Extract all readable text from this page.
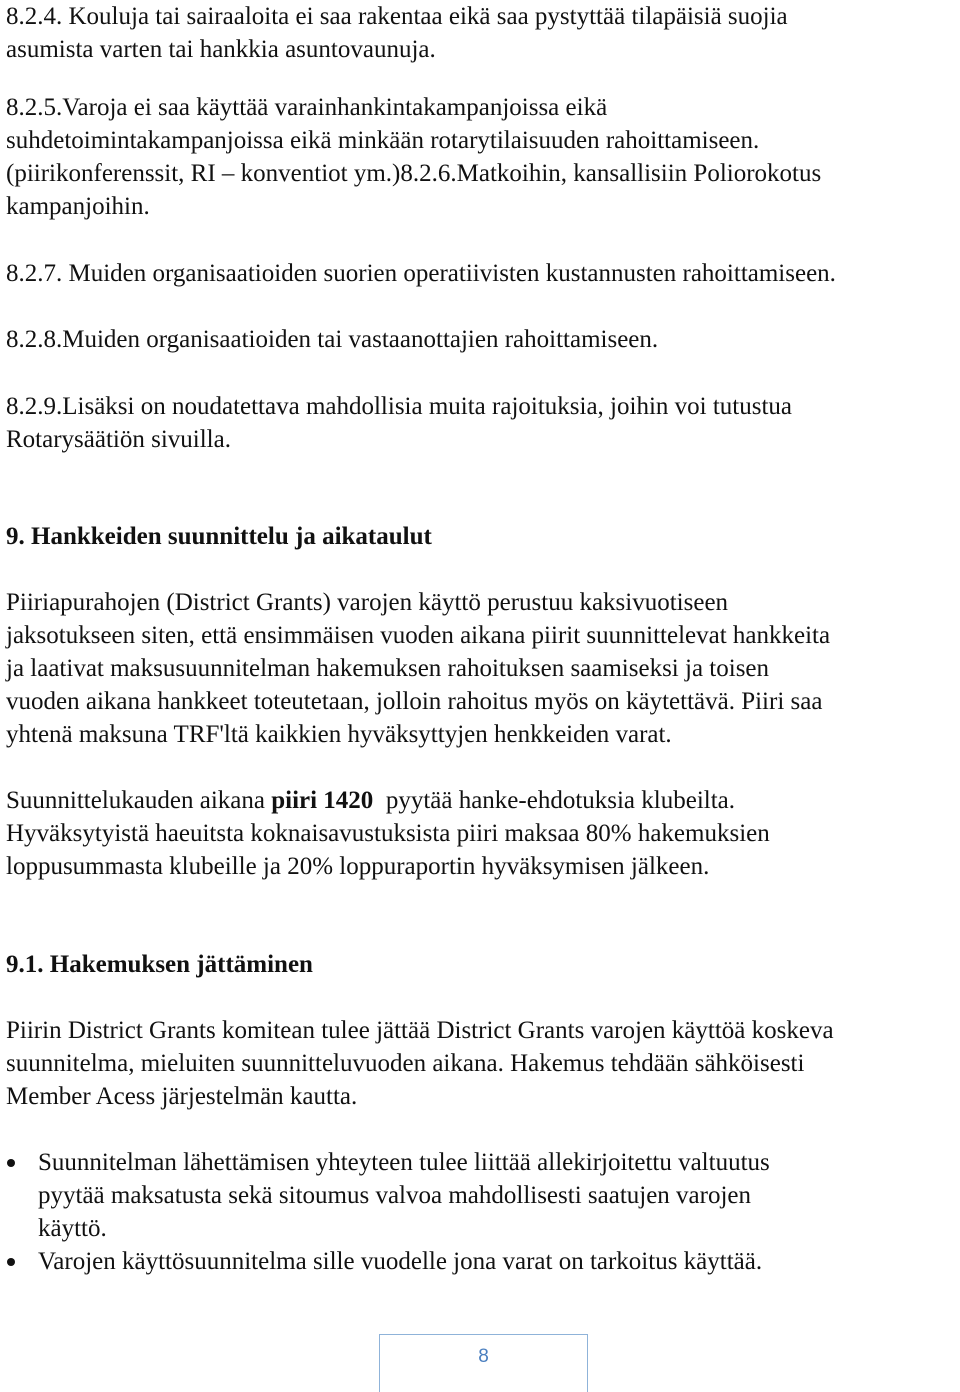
8.2.4. Kouluja tai sairaaloita ei saa rakentaa eikä saa pystyttää tilapäisiä suojia
asumista varten tai hankkia asuntovaunuja.

8.2.5.Varoja ei saa käyttää varainhankintakampanjoissa eikä
suhdetoimintakampanjoissa eikä minkään rotarytilaisuuden rahoittamiseen.
(piirikonferenssit, RI – konventiot ym.)8.2.6.Matkoihin, kansallisiin Poliorokotus
kampanjoihin.

8.2.7. Muiden organisaatioiden suorien operatiivisten kustannusten rahoittamiseen.

8.2.8.Muiden organisaatioiden tai vastaanottajien rahoittamiseen.

8.2.9.Lisäksi on noudatettava mahdollisia muita rajoituksia, joihin voi tutustua
Rotarysäätiön sivuilla.

9. Hankkeiden suunnittelu ja aikataulut

Piiriapurahojen (District Grants) varojen käyttö perustuu kaksivuotiseen
jaksotukseen siten, että ensimmäisen vuoden aikana piirit suunnittelevat hankkeita
ja laativat maksusuunnitelman hakemuksen rahoituksen saamiseksi ja toisen
vuoden aikana hankkeet toteutetaan, jolloin rahoitus myös on käytettävä. Piiri saa
yhtenä maksuna TRF'ltä kaikkien hyväksyttyjen henkkeiden varat.

Suunnittelukauden aikana piiri 1420  pyytää hanke-ehdotuksia klubeilta.
Hyväksytyistä haeuitsta koknaisavustuksista piiri maksaa 80% hakemuksien
loppusummasta klubeille ja 20% loppuraportin hyväksymisen jälkeen.

9.1. Hakemuksen jättäminen

Piirin District Grants komitean tulee jättää District Grants varojen käyttöä koskeva
suunnitelma, mieluiten suunnitteluvuoden aikana. Hakemus tehdään sähköisesti
Member Acess järjestelmän kautta.

Suunnitelman lähettämisen yhteyteen tulee liittää allekirjoitettu valtuutus
pyytää maksatusta sekä sitoumus valvoa mahdollisesti saatujen varojen
käyttö.
Varojen käyttösuunnitelma sille vuodelle jona varat on tarkoitus käyttää.
8
